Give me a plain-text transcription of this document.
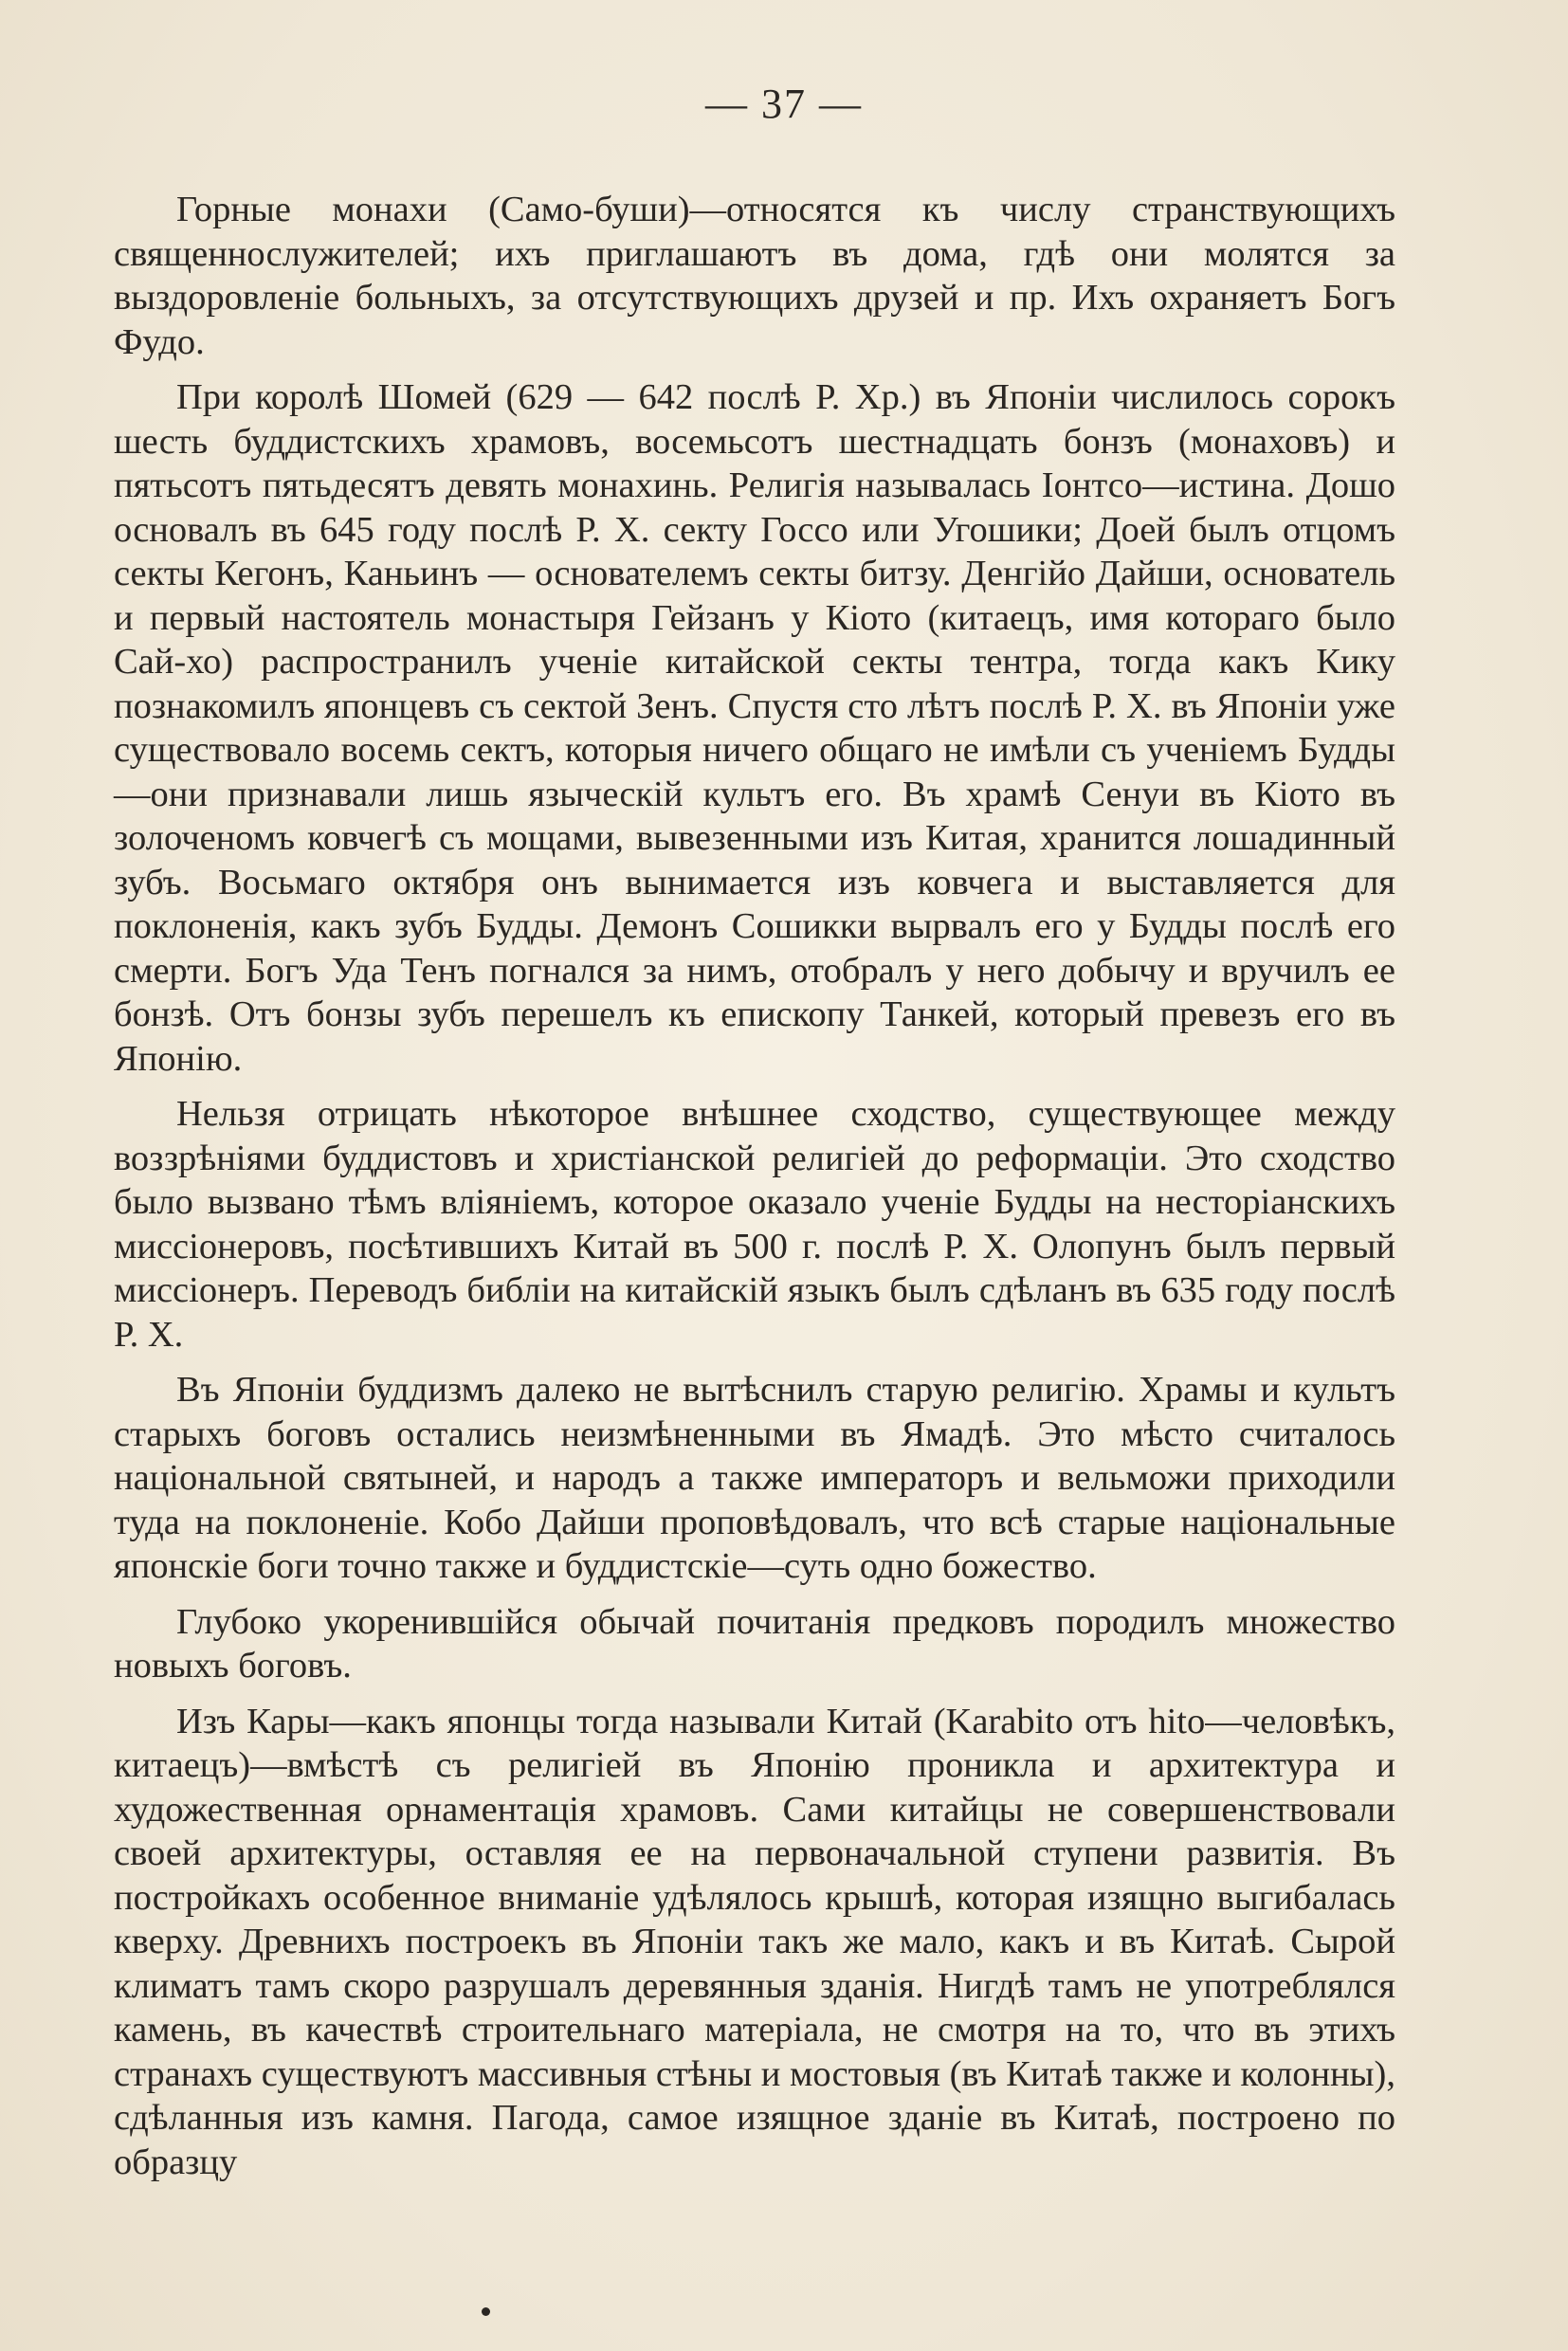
— 37 —

Горные монахи (Само-буши)—относятся къ числу странствующихъ священнослужителей; ихъ приглашаютъ въ дома, гдѣ они молятся за выздоровленіе больныхъ, за отсутствующихъ друзей и пр. Ихъ охраняетъ Богъ Фудо.

При королѣ Шомей (629 — 642 послѣ Р. Хр.) въ Японіи числилось сорокъ шесть буддистскихъ храмовъ, восемьсотъ шестнадцать бонзъ (монаховъ) и пятьсотъ пятьдесятъ девять монахинь. Религія называлась Іонтсо—истина. Дошо основалъ въ 645 году послѣ Р. Х. секту Госсо или Угошики; Доей былъ отцомъ секты Кегонъ, Каньинъ — основателемъ секты битзу. Денгійо Дайши, основатель и первый настоятель монастыря Гейзанъ у Кіото (китаецъ, имя котораго было Сай-хо) распространилъ ученіе китайской секты тентра, тогда какъ Кику познакомилъ японцевъ съ сектой Зенъ. Спустя сто лѣтъ послѣ Р. Х. въ Японіи уже существовало восемь сектъ, которыя ничего общаго не имѣли съ ученіемъ Будды—они признавали лишь языческій культъ его. Въ храмѣ Сенуи въ Кіото въ золоченомъ ковчегѣ съ мощами, вывезенными изъ Китая, хранится лошадинный зубъ. Восьмаго октября онъ вынимается изъ ковчега и выставляется для поклоненія, какъ зубъ Будды. Демонъ Сошикки вырвалъ его у Будды послѣ его смерти. Богъ Уда Тенъ погнался за нимъ, отобралъ у него добычу и вручилъ ее бонзѣ. Отъ бонзы зубъ перешелъ къ епископу Танкей, который превезъ его въ Японію.

Нельзя отрицать нѣкоторое внѣшнее сходство, существующее между воззрѣніями буддистовъ и христіанской религіей до реформаціи. Это сходство было вызвано тѣмъ вліяніемъ, которое оказало ученіе Будды на несторіанскихъ миссіонеровъ, посѣтившихъ Китай въ 500 г. послѣ Р. Х. Олопунъ былъ первый миссіонеръ. Переводъ библіи на китайскій языкъ былъ сдѣланъ въ 635 году послѣ Р. Х.

Въ Японіи буддизмъ далеко не вытѣснилъ старую религію. Храмы и культъ старыхъ боговъ остались неизмѣненными въ Ямадѣ. Это мѣсто считалось національной святыней, и народъ а также императоръ и вельможи приходили туда на поклоненіе. Кобо Дайши проповѣдовалъ, что всѣ старые національные японскіе боги точно также и буддистскіе—суть одно божество.

Глубоко укоренившійся обычай почитанія предковъ породилъ множество новыхъ боговъ.

Изъ Кары—какъ японцы тогда называли Китай (Karabito отъ hito—человѣкъ, китаецъ)—вмѣстѣ съ религіей въ Японію проникла и архитектура и художественная орнаментація храмовъ. Сами китайцы не совершенствовали своей архитектуры, оставляя ее на первоначальной ступени развитія. Въ постройкахъ особенное вниманіе удѣлялось крышѣ, которая изящно выгибалась кверху. Древнихъ построекъ въ Японіи такъ же мало, какъ и въ Китаѣ. Сырой климатъ тамъ скоро разрушалъ деревянныя зданія. Нигдѣ тамъ не употреблялся камень, въ качествѣ строительнаго матеріала, не смотря на то, что въ этихъ странахъ существуютъ массивныя стѣны и мостовыя (въ Китаѣ также и колонны), сдѣланныя изъ камня. Пагода, самое изящное зданіе въ Китаѣ, построено по образцу
